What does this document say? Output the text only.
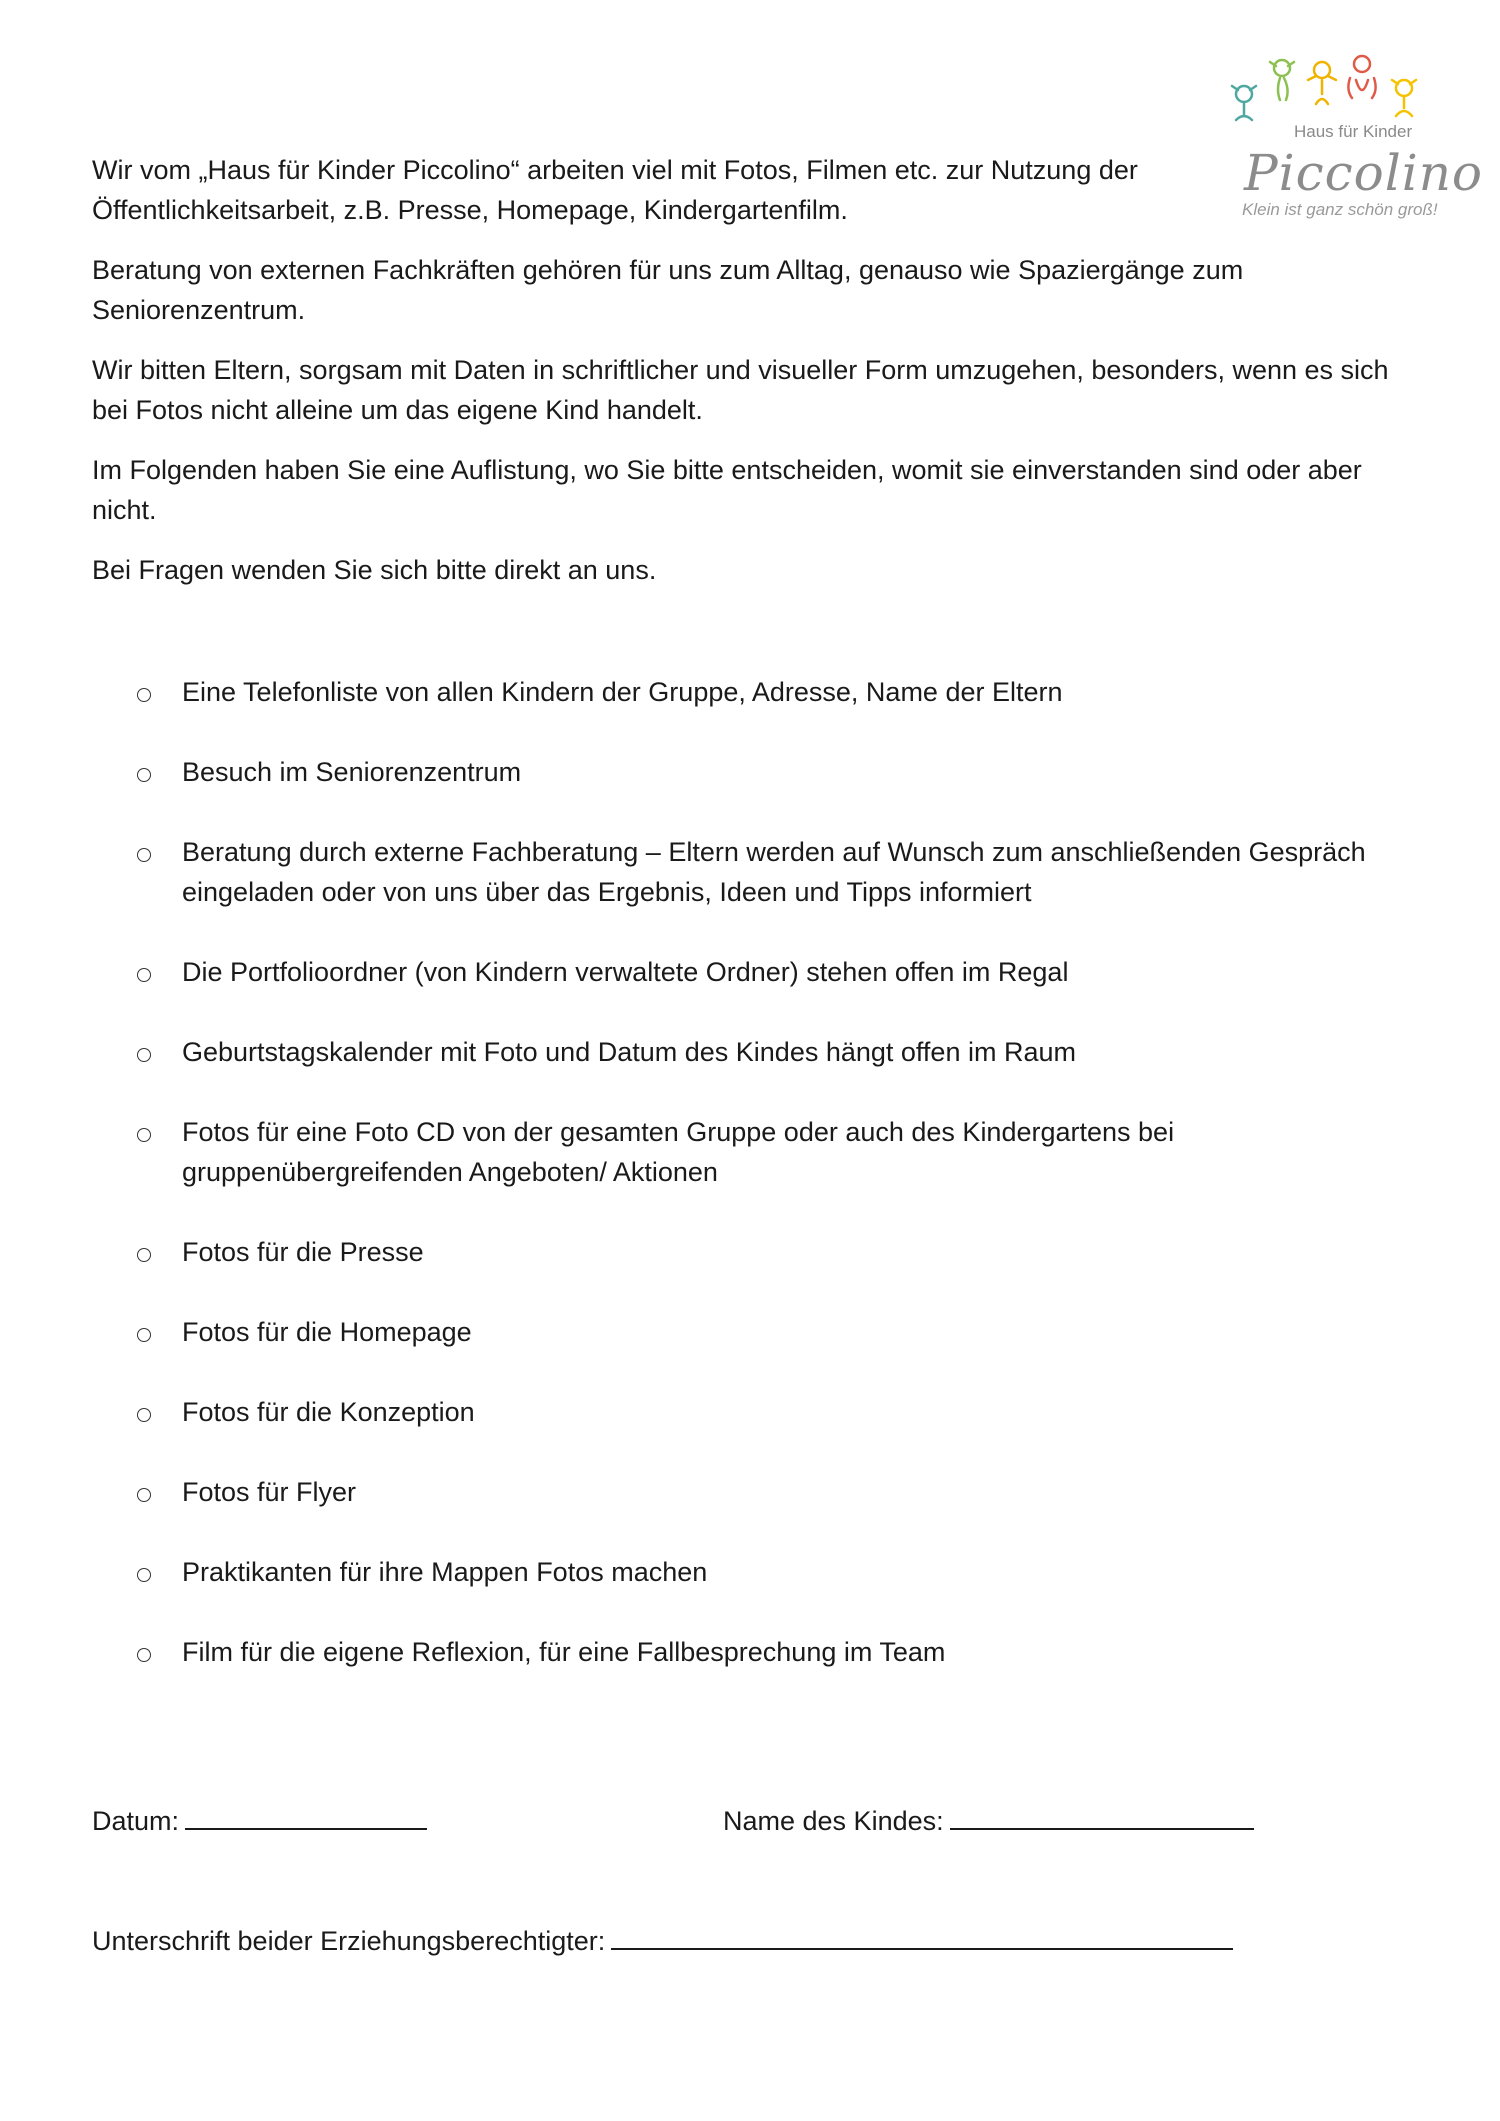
Haus für Kinder
Piccolino
Klein ist ganz schön groß!

Wir vom „Haus für Kinder Piccolino“ arbeiten viel mit Fotos, Filmen etc. zur Nutzung der Öffentlichkeitsarbeit, z.B. Presse, Homepage, Kindergartenfilm.

Beratung von externen Fachkräften gehören für uns zum Alltag, genauso wie Spaziergänge zum Seniorenzentrum.

Wir bitten Eltern, sorgsam mit Daten in schriftlicher und visueller Form umzugehen, besonders, wenn es sich bei Fotos nicht alleine um das eigene Kind handelt.

Im Folgenden haben Sie eine Auflistung, wo Sie bitte entscheiden, womit sie einverstanden sind oder aber nicht.

Bei Fragen wenden Sie sich bitte direkt an uns.

Eine Telefonliste von allen Kindern der Gruppe, Adresse, Name der Eltern
Besuch im Seniorenzentrum
Beratung durch externe Fachberatung – Eltern werden auf Wunsch zum anschließenden Gespräch eingeladen oder von uns über das Ergebnis, Ideen und Tipps informiert
Die Portfolioordner (von Kindern verwaltete Ordner) stehen offen im Regal
Geburtstagskalender mit Foto und Datum des Kindes hängt offen im Raum
Fotos für eine Foto CD von der gesamten Gruppe oder auch des Kindergartens bei gruppenübergreifenden Angeboten/ Aktionen
Fotos für die Presse
Fotos für die Homepage
Fotos für die Konzeption
Fotos für Flyer
Praktikanten für ihre Mappen Fotos machen
Film für die eigene Reflexion, für eine Fallbesprechung im Team
Datum:	Name des Kindes:
Unterschrift beider Erziehungsberechtigter:
